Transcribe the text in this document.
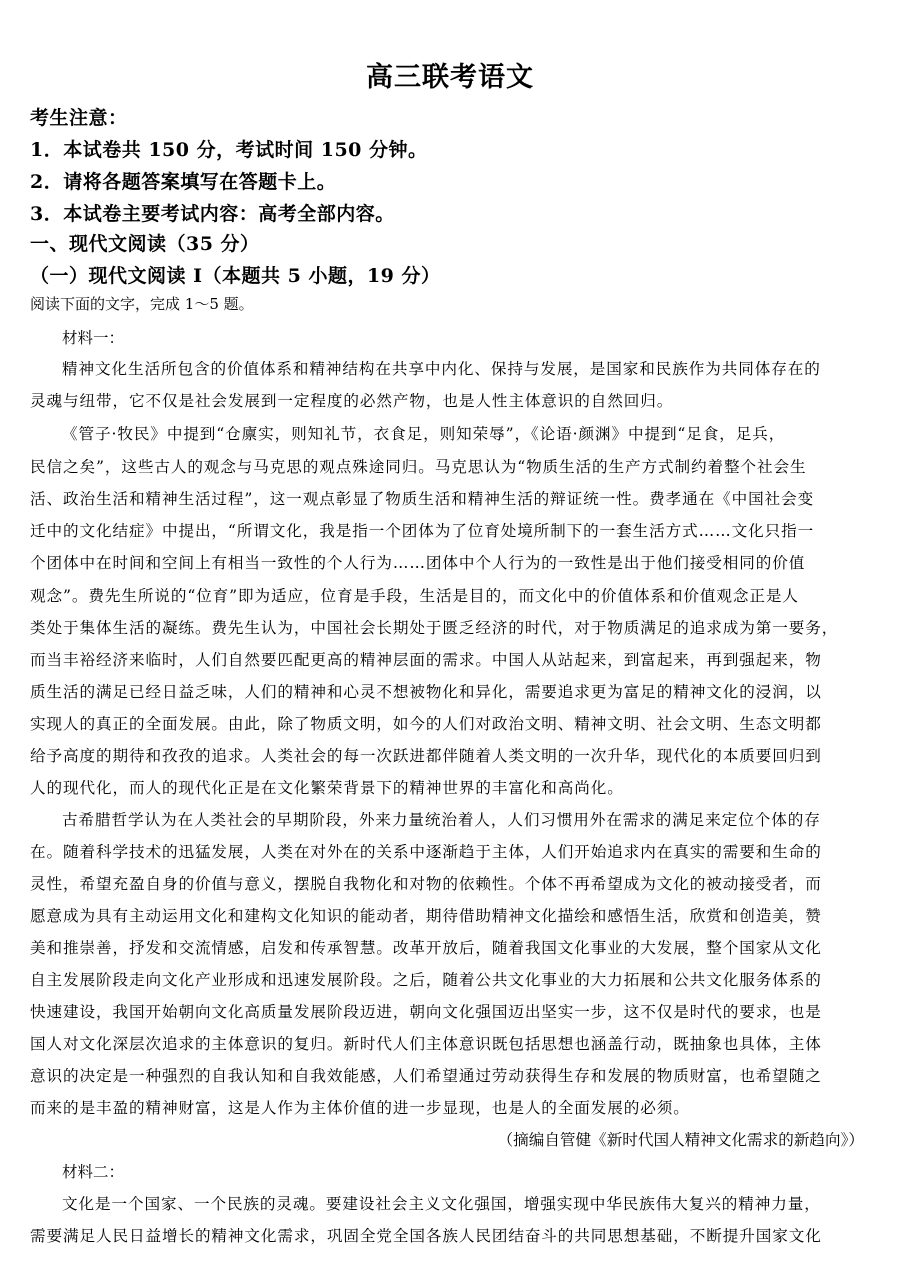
高三联考语文
考生注意：
1．本试卷共 150 分，考试时间 150 分钟。
2．请将各题答案填写在答题卡上。
3．本试卷主要考试内容：高考全部内容。
一、现代文阅读（35 分）
（一）现代文阅读 I（本题共 5 小题，19 分）
阅读下面的文字，完成 1～5 题。
材料一：
精神文化生活所包含的价值体系和精神结构在共享中内化、保持与发展，是国家和民族作为共同体存在的
灵魂与纽带，它不仅是社会发展到一定程度的必然产物，也是人性主体意识的自然回归。
《管子·牧民》中提到“仓廪实，则知礼节，衣食足，则知荣辱”，《论语·颜渊》中提到“足食，足兵，
民信之矣”，这些古人的观念与马克思的观点殊途同归。马克思认为“物质生活的生产方式制约着整个社会生
活、政治生活和精神生活过程”，这一观点彰显了物质生活和精神生活的辩证统一性。费孝通在《中国社会变
迁中的文化结症》中提出，“所谓文化，我是指一个团体为了位育处境所制下的一套生活方式……文化只指一
个团体中在时间和空间上有相当一致性的个人行为……团体中个人行为的一致性是出于他们接受相同的价值
观念”。费先生所说的“位育”即为适应，位育是手段，生活是目的，而文化中的价值体系和价值观念正是人
类处于集体生活的凝练。费先生认为，中国社会长期处于匮乏经济的时代，对于物质满足的追求成为第一要务，
而当丰裕经济来临时，人们自然要匹配更高的精神层面的需求。中国人从站起来，到富起来，再到强起来，物
质生活的满足已经日益乏味，人们的精神和心灵不想被物化和异化，需要追求更为富足的精神文化的浸润，以
实现人的真正的全面发展。由此，除了物质文明，如今的人们对政治文明、精神文明、社会文明、生态文明都
给予高度的期待和孜孜的追求。人类社会的每一次跃进都伴随着人类文明的一次升华，现代化的本质要回归到
人的现代化，而人的现代化正是在文化繁荣背景下的精神世界的丰富化和高尚化。
古希腊哲学认为在人类社会的早期阶段，外来力量统治着人，人们习惯用外在需求的满足来定位个体的存
在。随着科学技术的迅猛发展，人类在对外在的关系中逐渐趋于主体，人们开始追求内在真实的需要和生命的
灵性，希望充盈自身的价值与意义，摆脱自我物化和对物的依赖性。个体不再希望成为文化的被动接受者，而
愿意成为具有主动运用文化和建构文化知识的能动者，期待借助精神文化描绘和感悟生活，欣赏和创造美，赞
美和推崇善，抒发和交流情感，启发和传承智慧。改革开放后，随着我国文化事业的大发展，整个国家从文化
自主发展阶段走向文化产业形成和迅速发展阶段。之后，随着公共文化事业的大力拓展和公共文化服务体系的
快速建设，我国开始朝向文化高质量发展阶段迈进，朝向文化强国迈出坚实一步，这不仅是时代的要求，也是
国人对文化深层次追求的主体意识的复归。新时代人们主体意识既包括思想也涵盖行动，既抽象也具体，主体
意识的决定是一种强烈的自我认知和自我效能感，人们希望通过劳动获得生存和发展的物质财富，也希望随之
而来的是丰盈的精神财富，这是人作为主体价值的进一步显现，也是人的全面发展的必须。
（摘编自管健《新时代国人精神文化需求的新趋向》）
材料二：
文化是一个国家、一个民族的灵魂。要建设社会主义文化强国，增强实现中华民族伟大复兴的精神力量，
需要满足人民日益增长的精神文化需求，巩固全党全国各族人民团结奋斗的共同思想基础，不断提升国家文化
